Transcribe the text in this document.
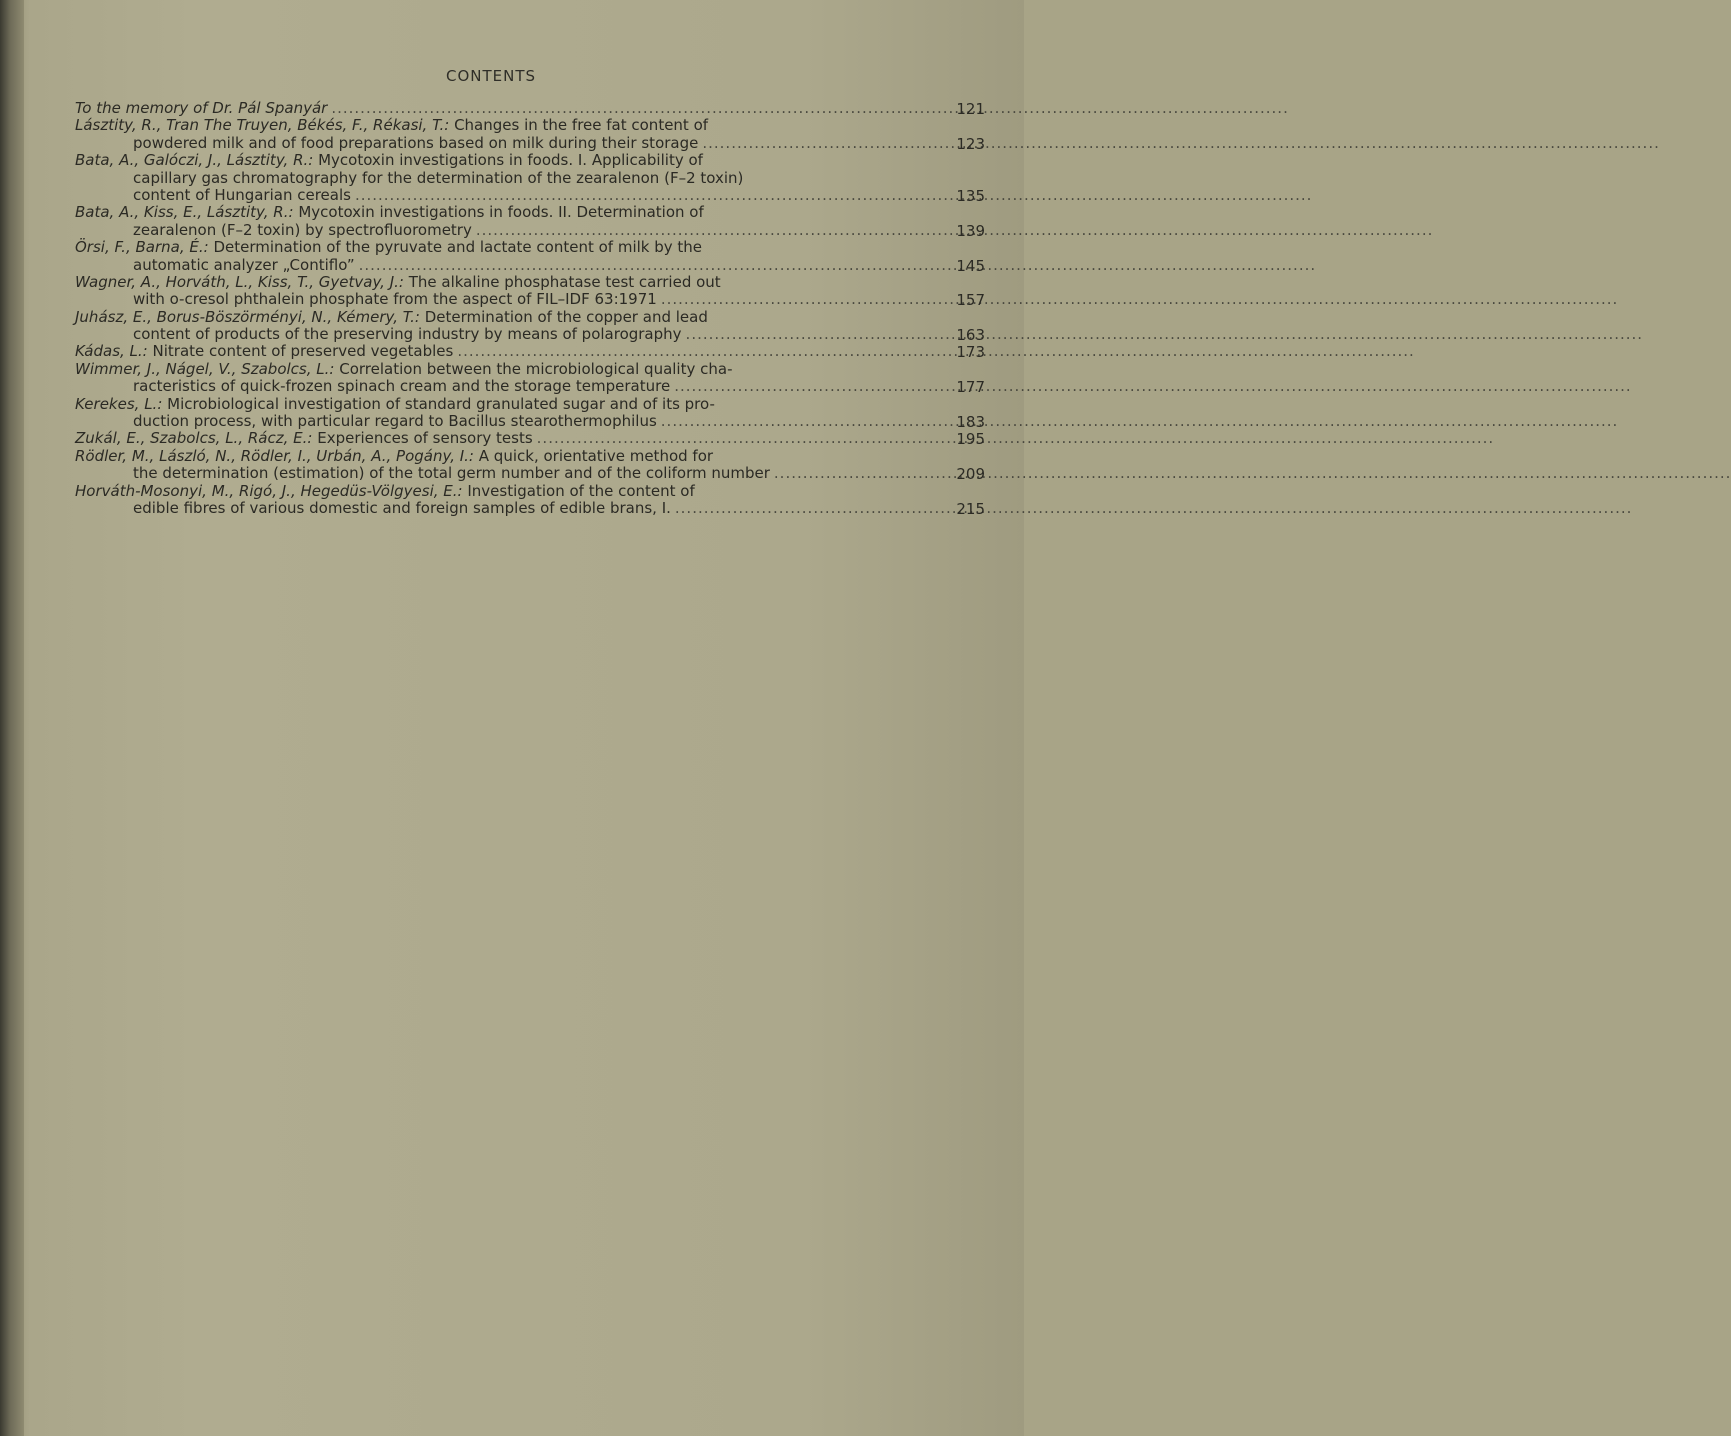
CONTENTS
To the memory of Dr. Pál Spanyár .....	121
Lásztity, R., Tran The Truyen, Békés, F., Rékasi, T.:
Changes in the free fat content of
powdered milk and of food preparations based on milk during their storage .....	123
Bata, A., Galóczi, J., Lásztity, R.:
Mycotoxin investigations in foods. I. Applicability of
capillary gas chromatography for the determination of the zearalenon (F–2 toxin)
content of Hungarian cereals .....	135
Bata, A., Kiss, E., Lásztity, R.:
Mycotoxin investigations in foods. II. Determination of
zearalenon (F–2 toxin) by spectrofluorometry .....	139
Örsi, F., Barna, É.:
Determination of the pyruvate and lactate content of milk by the
automatic analyzer „Contiflo” .....	145
Wagner, A., Horváth, L., Kiss, T., Gyetvay, J.:
The alkaline phosphatase test carried out
with o-cresol phthalein phosphate from the aspect of FIL–IDF 63:1971 .....	157
Juhász, E., Borus-Böszörményi, N., Kémery, T.:
Determination of the copper and lead
content of products of the preserving industry by means of polarography .....	163
Kádas, L.:
Nitrate content of preserved vegetables .....	173
Wimmer, J., Nágel, V., Szabolcs, L.:
Correlation between the microbiological quality cha-
racteristics of quick-frozen spinach cream and the storage temperature .....	177
Kerekes, L.:
Microbiological investigation of standard granulated sugar and of its pro-
duction process, with particular regard to Bacillus stearothermophilus .....	183
Zukál, E., Szabolcs, L., Rácz, E.:
Experiences of sensory tests .....	195
Rödler, M., László, N., Rödler, I., Urbán, A., Pogány, I.:
A quick, orientative method for
the determination (estimation) of the total germ number and of the coliform number .....	209
Horváth-Mosonyi, M., Rigó, J., Hegedüs-Völgyesi, E.:
Investigation of the content of
edible fibres of various domestic and foreign samples of edible brans, I. .....	215
